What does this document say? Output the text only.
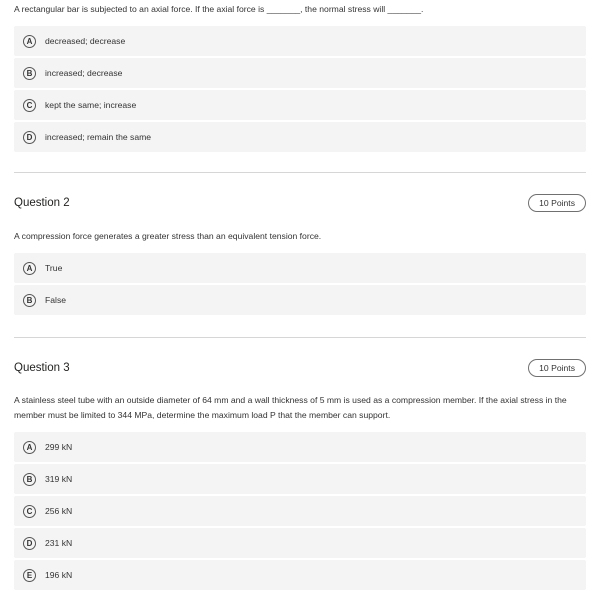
A rectangular bar is subjected to an axial force. If the axial force is _______, the normal stress will _______.
A	decreased; decrease
B	increased; decrease
C	kept the same; increase
D	increased; remain the same
Question 2	10 Points
A compression force generates a greater stress than an equivalent tension force.
A	True
B	False
Question 3	10 Points
A stainless steel tube with an outside diameter of 64 mm and a wall thickness of 5 mm is used as a compression member. If the axial stress in the member must be limited to 344 MPa, determine the maximum load P that the member can support.
A	299 kN
B	319 kN
C	256 kN
D	231 kN
E	196 kN
